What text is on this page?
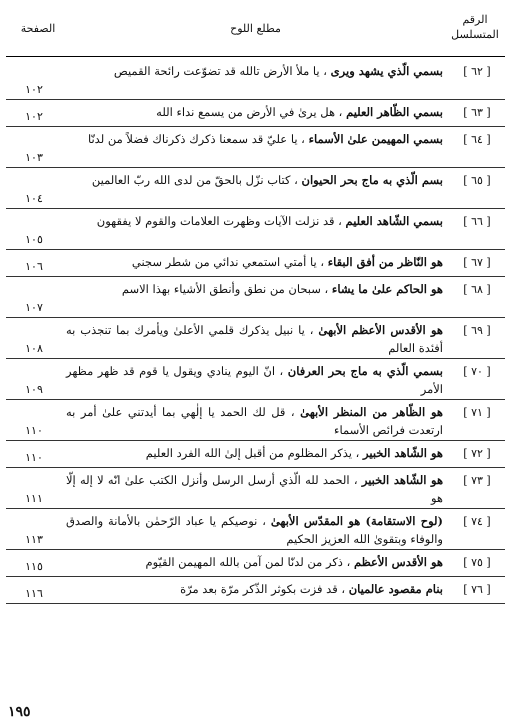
الرقم
المتسلسل
مطلع اللوح
الصفحة
[ ٦٢ ]
بسمي الّذي يشهد ويرى ، يا ملأ الأرض تالله قد تضوّعت رائحة القميص
١٠٢
[ ٦٣ ]
بسمي الظّاهر العليم ، هل يرىٰ في الأرض من يسمع نداء الله
١٠٢
[ ٦٤ ]
بسمي المهيمن علىٰ الأسماء ، يا عليّ قد سمعنا ذكرك ذكرناك فضلاً من لدنّا
١٠٣
[ ٦٥ ]
بسم الّذي به ماج بحر الحيوان ، كتاب نزّل بالحقّ من لدى الله ربّ العالمين
١٠٤
[ ٦٦ ]
بسمي الشّاهد العليم ، قد نزلت الآيات وظهرت العلامات والقوم لا يفقهون
١٠٥
[ ٦٧ ]
هو النّاظر من أفق البقاء ، يا أمتي استمعي ندائي من شطر سجني
١٠٦
[ ٦٨ ]
هو الحاكم علىٰ ما يشاء ، سبحان من نطق وأنطق الأشياء بهذا الاسم
١٠٧
[ ٦٩ ]
هو الأقدس الأعظم الأبهىٰ ، يا نبيل يذكرك قلمي الأعلىٰ ويأمرك بما تنجذب به أفئدة العالم
١٠٨
[ ٧٠ ]
بسمي الّذي به ماج بحر العرفان ، انّ اليوم ينادي ويقول يا قوم قد ظهر مظهر الأمر
١٠٩
[ ٧١ ]
هو الظّاهر من المنظر الأبهىٰ ، قل لك الحمد يا إلٰهي بما أيدتني علىٰ أمر به ارتعدت فرائص الأسماء
١١٠
[ ٧٢ ]
هو الشّاهد الخبير ، يذكر المظلوم من أقبل إلىٰ الله الفرد العليم
١١٠
[ ٧٣ ]
هو الشّاهد الخبير ، الحمد لله الّذي أرسل الرسل وأنزل الكتب علىٰ انّه لا إله إلّا هو
١١١
[ ٧٤ ]
(لوح الاستقامة) هو المقدّس الأبهىٰ ، نوصيكم يا عباد الرّحمٰن بالأمانة والصدق والوفاء وبتقوىٰ الله العزيز الحكيم
١١٣
[ ٧٥ ]
هو الأقدس الأعظم ، ذكر من لدنّا لمن آمن بالله المهيمن القيّوم
١١٥
[ ٧٦ ]
بنام مقصود عالميان ، قد فزت بكوثر الذّكر مرّة بعد مرّة
١١٦
١٩٥
